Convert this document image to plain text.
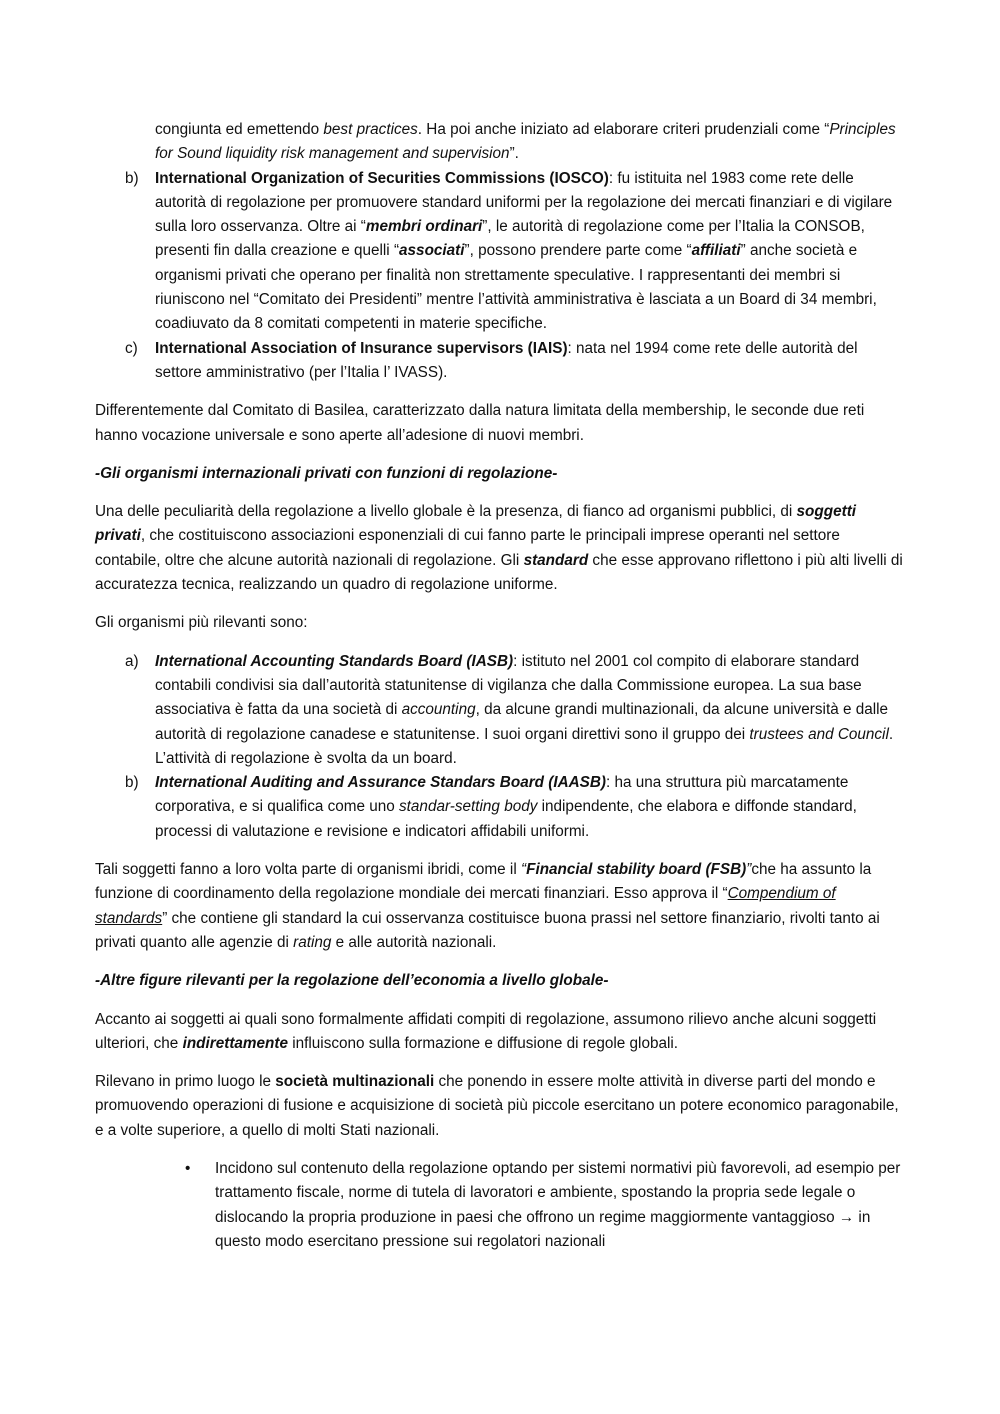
congiunta ed emettendo best practices. Ha poi anche iniziato ad elaborare criteri prudenziali come “Principles for Sound liquidity risk management and supervision”.

b) International Organization of Securities Commissions (IOSCO): fu istituita nel 1983 come rete delle autorità di regolazione per promuovere standard uniformi per la regolazione dei mercati finanziari e di vigilare sulla loro osservanza. Oltre ai “membri ordinari”, le autorità di regolazione come per l’Italia la CONSOB, presenti fin dalla creazione e quelli “associati”, possono prendere parte come “affiliati” anche società e organismi privati che operano per finalità non strettamente speculative. I rappresentanti dei membri si riuniscono nel “Comitato dei Presidenti” mentre l’attività amministrativa è lasciata a un Board di 34 membri, coadiuvato da 8 comitati competenti in materie specifiche.

c) International Association of Insurance supervisors (IAIS): nata nel 1994 come rete delle autorità del settore amministrativo (per l’Italia l’ IVASS).

Differentemente dal Comitato di Basilea, caratterizzato dalla natura limitata della membership, le seconde due reti hanno vocazione universale e sono aperte all’adesione di nuovi membri.

-Gli organismi internazionali privati con funzioni di regolazione-

Una delle peculiarità della regolazione a livello globale è la presenza, di fianco ad organismi pubblici, di soggetti privati, che costituiscono associazioni esponenziali di cui fanno parte le principali imprese operanti nel settore contabile, oltre che alcune autorità nazionali di regolazione. Gli standard che esse approvano riflettono i più alti livelli di accuratezza tecnica, realizzando un quadro di regolazione uniforme.

Gli organismi più rilevanti sono:

a) International Accounting Standards Board (IASB): istituto nel 2001 col compito di elaborare standard contabili condivisi sia dall’autorità statunitense di vigilanza che dalla Commissione europea. La sua base associativa è fatta da una società di accounting, da alcune grandi multinazionali, da alcune università e dalle autorità di regolazione canadese e statunitense. I suoi organi direttivi sono il gruppo dei trustees and Council. L’attività di regolazione è svolta da un board.

b) International Auditing and Assurance Standars Board (IAASB): ha una struttura più marcatamente corporativa, e si qualifica come uno standar-setting body indipendente, che elabora e diffonde standard, processi di valutazione e revisione e indicatori affidabili uniformi.

Tali soggetti fanno a loro volta parte di organismi ibridi, come il “Financial stability board (FSB)”che ha assunto la funzione di coordinamento della regolazione mondiale dei mercati finanziari. Esso approva il “Compendium of standards” che contiene gli standard la cui osservanza costituisce buona prassi nel settore finanziario, rivolti tanto ai privati quanto alle agenzie di rating e alle autorità nazionali.

-Altre figure rilevanti per la regolazione dell’economia a livello globale-

Accanto ai soggetti ai quali sono formalmente affidati compiti di regolazione, assumono rilievo anche alcuni soggetti ulteriori, che indirettamente influiscono sulla formazione e diffusione di regole globali.

Rilevano in primo luogo le società multinazionali che ponendo in essere molte attività in diverse parti del mondo e promuovendo operazioni di fusione e acquisizione di società più piccole esercitano un potere economico paragonabile, e a volte superiore, a quello di molti Stati nazionali.

• Incidono sul contenuto della regolazione optando per sistemi normativi più favorevoli, ad esempio per trattamento fiscale, norme di tutela di lavoratori e ambiente, spostando la propria sede legale o dislocando la propria produzione in paesi che offrono un regime maggiormente vantaggioso → in questo modo esercitano pressione sui regolatori nazionali
